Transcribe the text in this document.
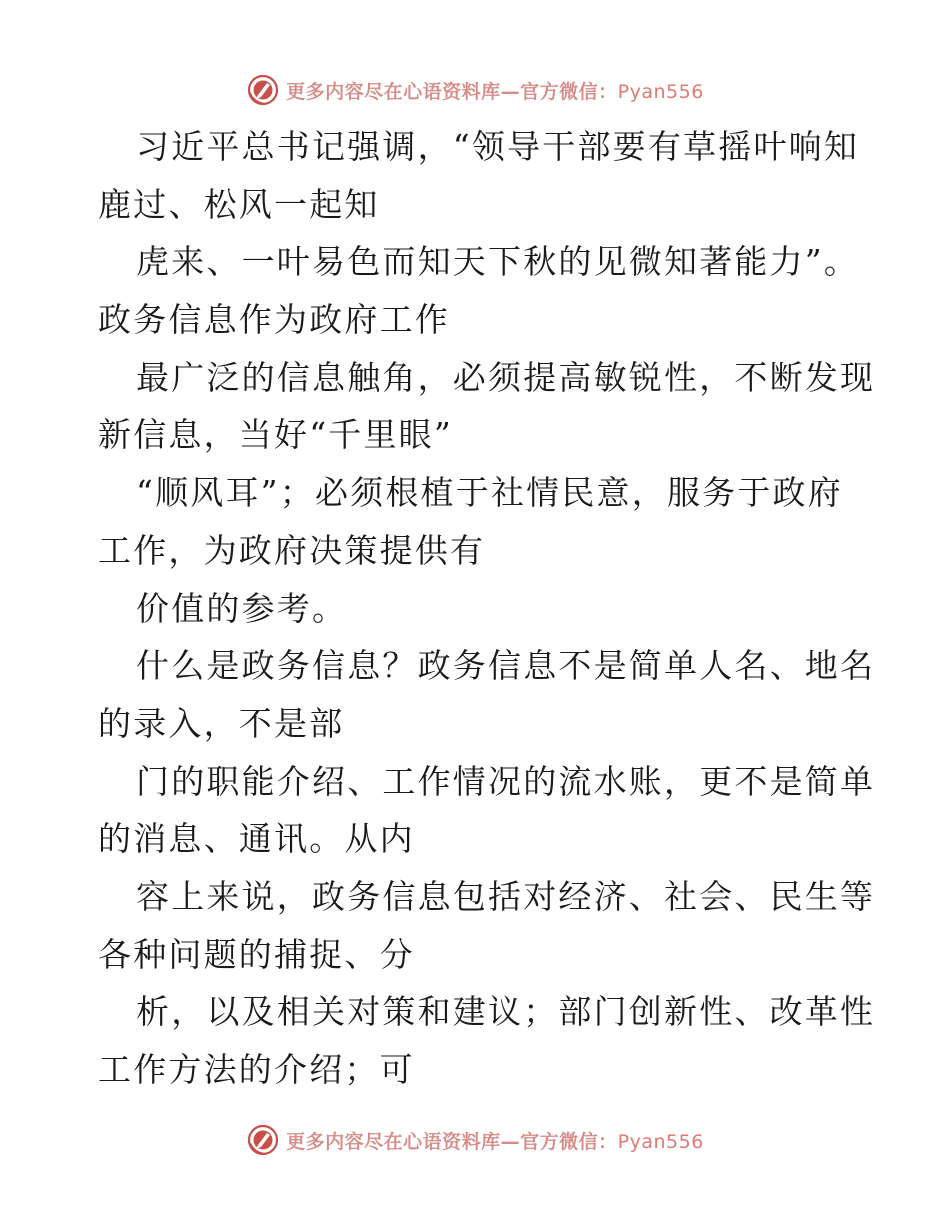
更多内容尽在心语资料库—官方微信：Pyan556
习近平总书记强调，“领导干部要有草摇叶响知
鹿过、松风一起知
虎来、一叶易色而知天下秋的见微知著能力”。
政务信息作为政府工作
最广泛的信息触角，必须提高敏锐性，不断发现
新信息，当好“千里眼”
“顺风耳”；必须根植于社情民意，服务于政府
工作，为政府决策提供有
价值的参考。
什么是政务信息？政务信息不是简单人名、地名
的录入，不是部
门的职能介绍、工作情况的流水账，更不是简单
的消息、通讯。从内
容上来说，政务信息包括对经济、社会、民生等
各种问题的捕捉、分
析，以及相关对策和建议；部门创新性、改革性
工作方法的介绍；可
更多内容尽在心语资料库—官方微信：Pyan556
